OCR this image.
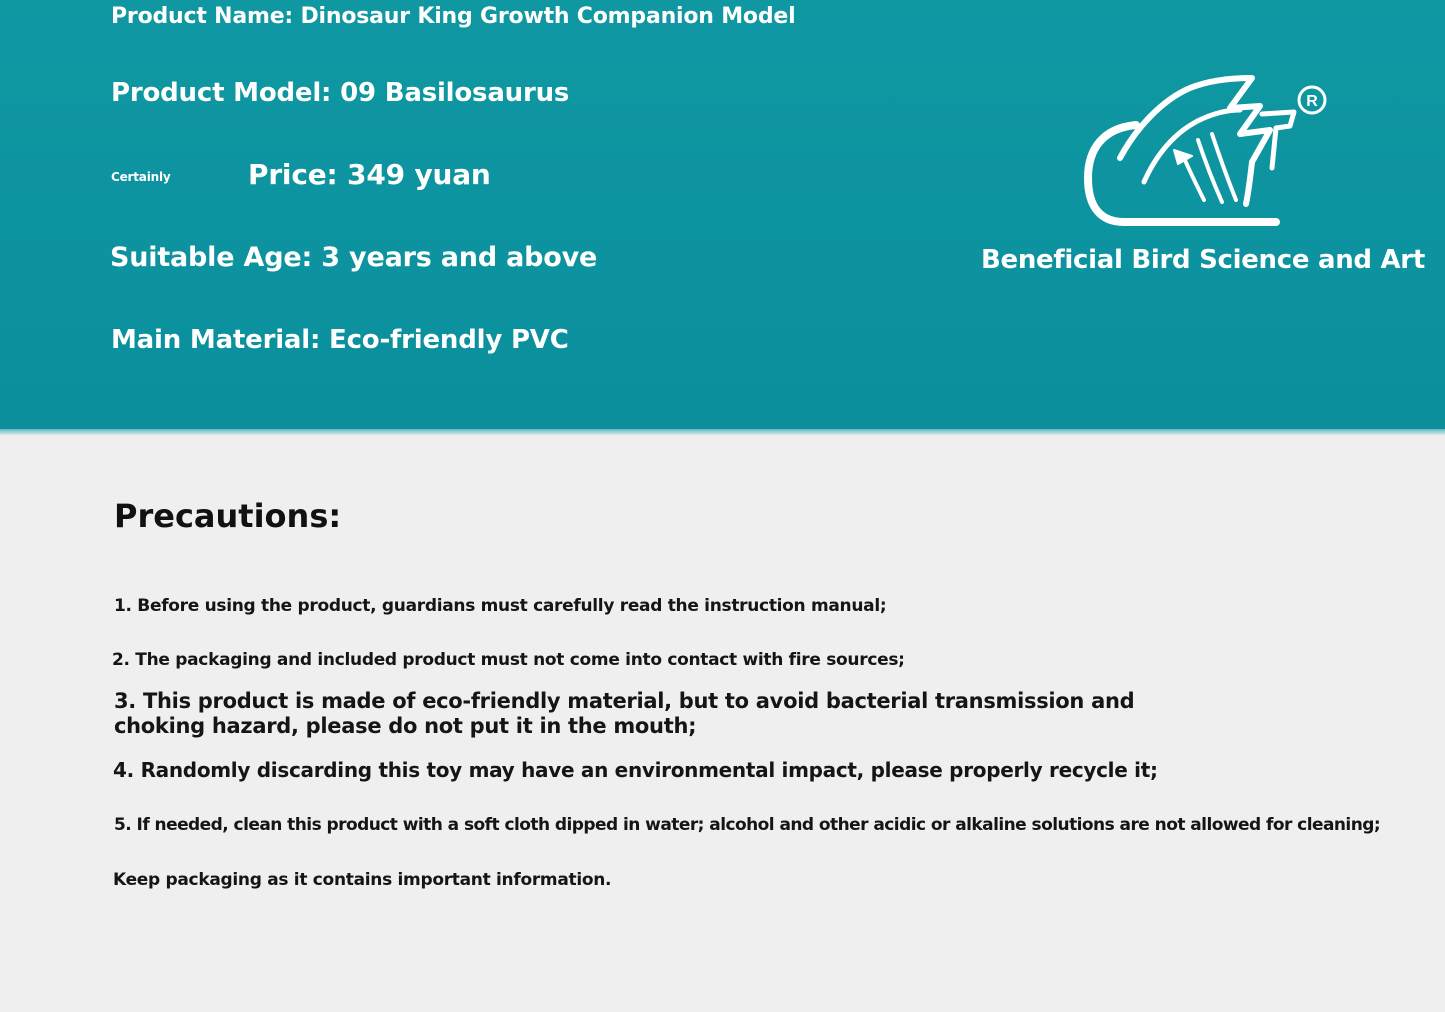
Product Name: Dinosaur King Growth Companion Model
Product Model: 09 Basilosaurus
Certainly	Price: 349 yuan
Suitable Age: 3 years and above
Main Material: Eco-friendly PVC
R
Beneficial Bird Science and Art
Precautions:
1. Before using the product, guardians must carefully read the instruction manual;
2. The packaging and included product must not come into contact with fire sources;
3. This product is made of eco-friendly material, but to avoid bacterial transmission and choking hazard, please do not put it in the mouth;
4. Randomly discarding this toy may have an environmental impact, please properly recycle it;
5. If needed, clean this product with a soft cloth dipped in water; alcohol and other acidic or alkaline solutions are not allowed for cleaning;
Keep packaging as it contains important information.
